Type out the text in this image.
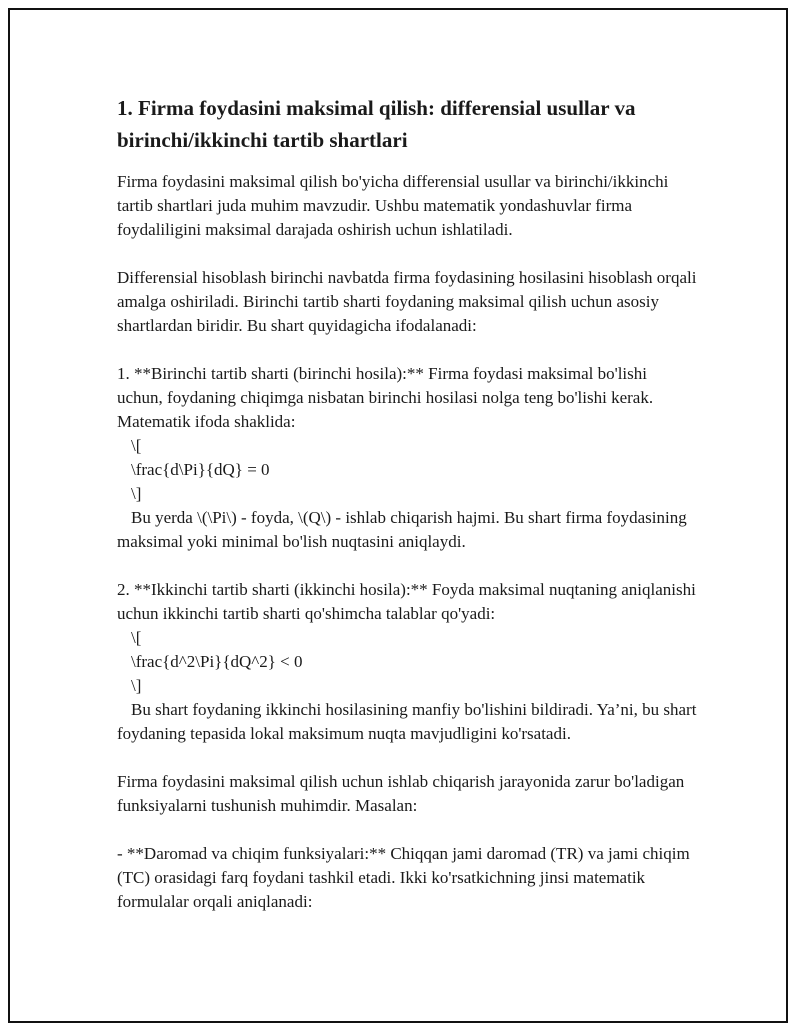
1. Firma foydasini maksimal qilish: differensial usullar va birinchi/ikkinchi tartib shartlari

Firma foydasini maksimal qilish bo'yicha differensial usullar va birinchi/ikkinchi tartib shartlari juda muhim mavzudir. Ushbu matematik yondashuvlar firma foydaliligini maksimal darajada oshirish uchun ishlatiladi.

Differensial hisoblash birinchi navbatda firma foydasining hosilasini hisoblash orqali amalga oshiriladi. Birinchi tartib sharti foydaning maksimal qilish uchun asosiy shartlardan biridir. Bu shart quyidagicha ifodalanadi:

1. **Birinchi tartib sharti (birinchi hosila):** Firma foydasi maksimal bo'lishi uchun, foydaning chiqimga nisbatan birinchi hosilasi nolga teng bo'lishi kerak. Matematik ifoda shaklida:

\[

\frac{d\Pi}{dQ} = 0

\]

Bu yerda \(\Pi\) - foyda, \(Q\) - ishlab chiqarish hajmi. Bu shart firma foydasining maksimal yoki minimal bo'lish nuqtasini aniqlaydi.

2. **Ikkinchi tartib sharti (ikkinchi hosila):** Foyda maksimal nuqtaning aniqlanishi uchun ikkinchi tartib sharti qo'shimcha talablar qo'yadi:

\[

\frac{d^2\Pi}{dQ^2} < 0

\]

Bu shart foydaning ikkinchi hosilasining manfiy bo'lishini bildiradi. Ya’ni, bu shart foydaning tepasida lokal maksimum nuqta mavjudligini ko'rsatadi.

Firma foydasini maksimal qilish uchun ishlab chiqarish jarayonida zarur bo'ladigan funksiyalarni tushunish muhimdir. Masalan:

- **Daromad va chiqim funksiyalari:** Chiqqan jami daromad (TR) va jami chiqim (TC) orasidagi farq foydani tashkil etadi. Ikki ko'rsatkichning jinsi matematik formulalar orqali aniqlanadi:
